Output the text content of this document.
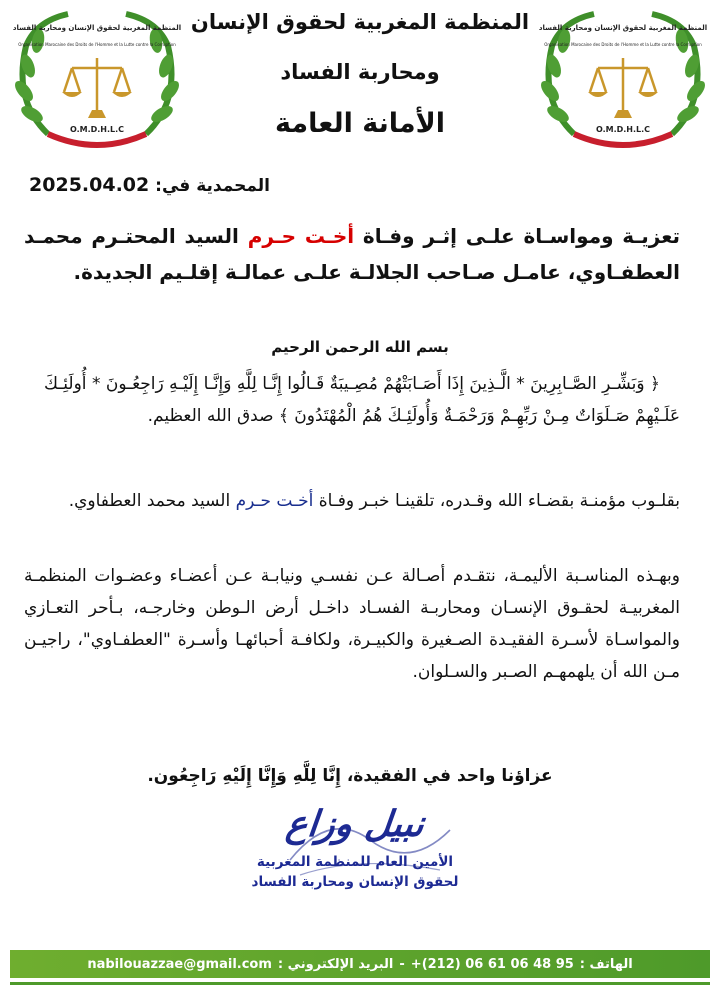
المنظمة المغربية لحقوق الإنسان ومحاربة الفساد
Organisation Marocaine des Droits de l'Homme et la Lutte contre la Corruption
O.M.D.H.L.C
المنظمة المغربية لحقوق الإنسان ومحاربة الفساد
Organisation Marocaine des Droits de l'Homme et la Lutte contre la Corruption
O.M.D.H.L.C
المنظمة المغربية لحقوق الإنسان
ومحاربة الفساد
الأمانة العامة
المحمدية في: 2025.04.02
تعزيـة ومواسـاة علـى إثـر وفـاة أخـت حـرم السيد المحتـرم محمـد العطفـاوي، عامـل صـاحب الجلالـة علـى عمالـة إقلـيم الجديدة.
بسم الله الرحمن الرحيم
﴿ وَبَشِّـرِ الصَّـابِرِينَ * الَّـذِينَ إِذَا أَصَـابَتْهُمْ مُصِـيبَةٌ قَـالُوا إِنَّـا لِلَّهِ وَإِنَّـا إِلَيْـهِ رَاجِعُـونَ * أُولَئِـكَ عَلَـيْهِمْ صَـلَوَاتٌ مِـنْ رَبِّهِـمْ وَرَحْمَـةٌ وَأُولَئِـكَ هُمُ الْمُهْتَدُونَ ﴾ صدق الله العظيم.
بقلـوب مؤمنـة بقضـاء الله وقـدره، تلقينـا خبـر وفـاة أخـت حـرم السيد محمد العطفاوي.
وبهـذه المناسـبة الأليمـة، نتقـدم أصـالة عـن نفسـي ونيابـة عـن أعضـاء وعضـوات المنظمـة المغربيـة لحقـوق الإنسـان ومحاربـة الفسـاد داخـل أرض الـوطن وخارجـه، بـأحر التعـازي والمواسـاة لأسـرة الفقيـدة الصـغيرة والكبيـرة، ولكافـة أحبائهـا وأسـرة "العطفـاوي"، راجيـن مـن الله أن يلهمهـم الصـبر والسـلوان.
عزاؤنا واحد في الفقيدة، إِنَّا لِلَّهِ وَإِنَّا إِلَيْهِ رَاجِعُون.
نبيل وزاع
الأمين العام للمنظمة المغربية
لحقوق الإنسان ومحاربة الفساد
الهاتف :
+(212) 06 61 06 48 95
-
البريد الإلكتروني :
nabilouazzae@gmail.com
